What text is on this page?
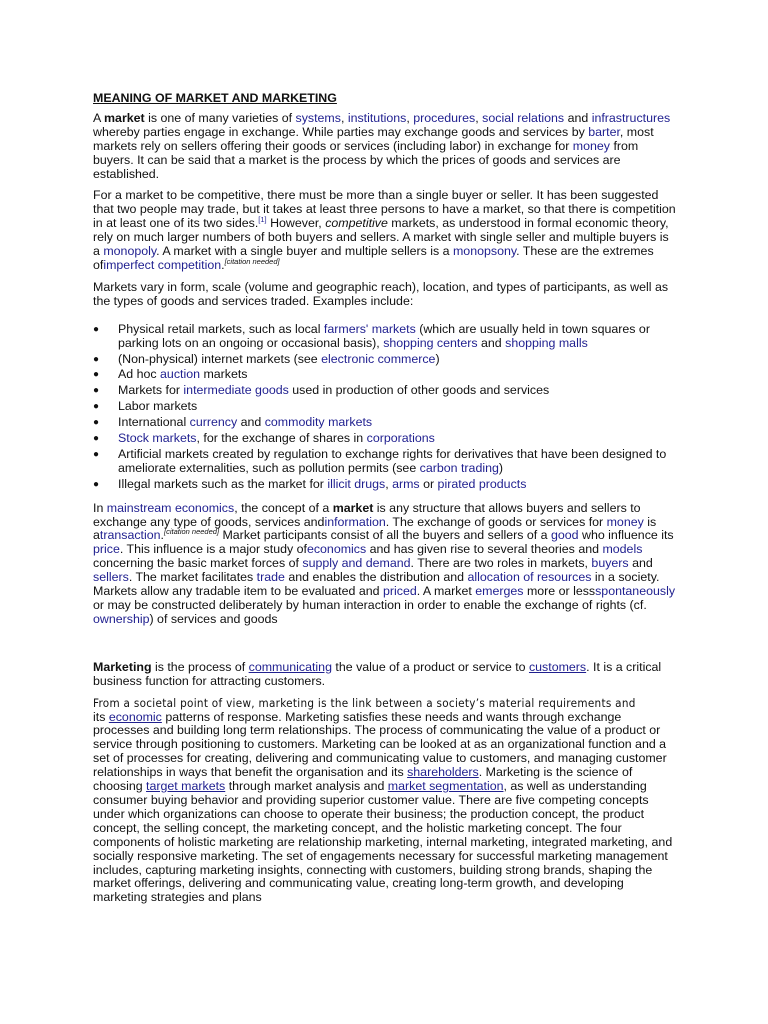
MEANING OF MARKET AND MARKETING

A market is one of many varieties of systems, institutions, procedures, social relations and infrastructures whereby parties engage in exchange. While parties may exchange goods and services by barter, most markets rely on sellers offering their goods or services (including labor) in exchange for money from buyers. It can be said that a market is the process by which the prices of goods and services are established.

For a market to be competitive, there must be more than a single buyer or seller. It has been suggested that two people may trade, but it takes at least three persons to have a market, so that there is competition in at least one of its two sides.[1] However, competitive markets, as understood in formal economic theory, rely on much larger numbers of both buyers and sellers. A market with single seller and multiple buyers is a monopoly. A market with a single buyer and multiple sellers is a monopsony. These are the extremes ofimperfect competition.[citation needed]

Markets vary in form, scale (volume and geographic reach), location, and types of participants, as well as the types of goods and services traded. Examples include:

● Physical retail markets, such as local farmers' markets (which are usually held in town squares or parking lots on an ongoing or occasional basis), shopping centers and shopping malls
● (Non-physical) internet markets (see electronic commerce)
● Ad hoc auction markets
● Markets for intermediate goods used in production of other goods and services
● Labor markets
● International currency and commodity markets
● Stock markets, for the exchange of shares in corporations
● Artificial markets created by regulation to exchange rights for derivatives that have been designed to ameliorate externalities, such as pollution permits (see carbon trading)
● Illegal markets such as the market for illicit drugs, arms or pirated products

In mainstream economics, the concept of a market is any structure that allows buyers and sellers to exchange any type of goods, services andinformation. The exchange of goods or services for money is atransaction.[citation needed] Market participants consist of all the buyers and sellers of a good who influence its price. This influence is a major study ofeconomics and has given rise to several theories and models concerning the basic market forces of supply and demand. There are two roles in markets, buyers and sellers. The market facilitates trade and enables the distribution and allocation of resources in a society. Markets allow any tradable item to be evaluated and priced. A market emerges more or lessspontaneously or may be constructed deliberately by human interaction in order to enable the exchange of rights (cf. ownership) of services and goods

Marketing is the process of communicating the value of a product or service to customers. It is a critical business function for attracting customers.

From a societal point of view, marketing is the link between a society’s material requirements and
its economic patterns of response. Marketing satisfies these needs and wants through exchange processes and building long term relationships. The process of communicating the value of a product or service through positioning to customers. Marketing can be looked at as an organizational function and a set of processes for creating, delivering and communicating value to customers, and managing customer relationships in ways that benefit the organisation and its shareholders. Marketing is the science of choosing target markets through market analysis and market segmentation, as well as understanding consumer buying behavior and providing superior customer value. There are five competing concepts under which organizations can choose to operate their business; the production concept, the product concept, the selling concept, the marketing concept, and the holistic marketing concept. The four components of holistic marketing are relationship marketing, internal marketing, integrated marketing, and socially responsive marketing. The set of engagements necessary for successful marketing management includes, capturing marketing insights, connecting with customers, building strong brands, shaping the market offerings, delivering and communicating value, creating long-term growth, and developing marketing strategies and plans
